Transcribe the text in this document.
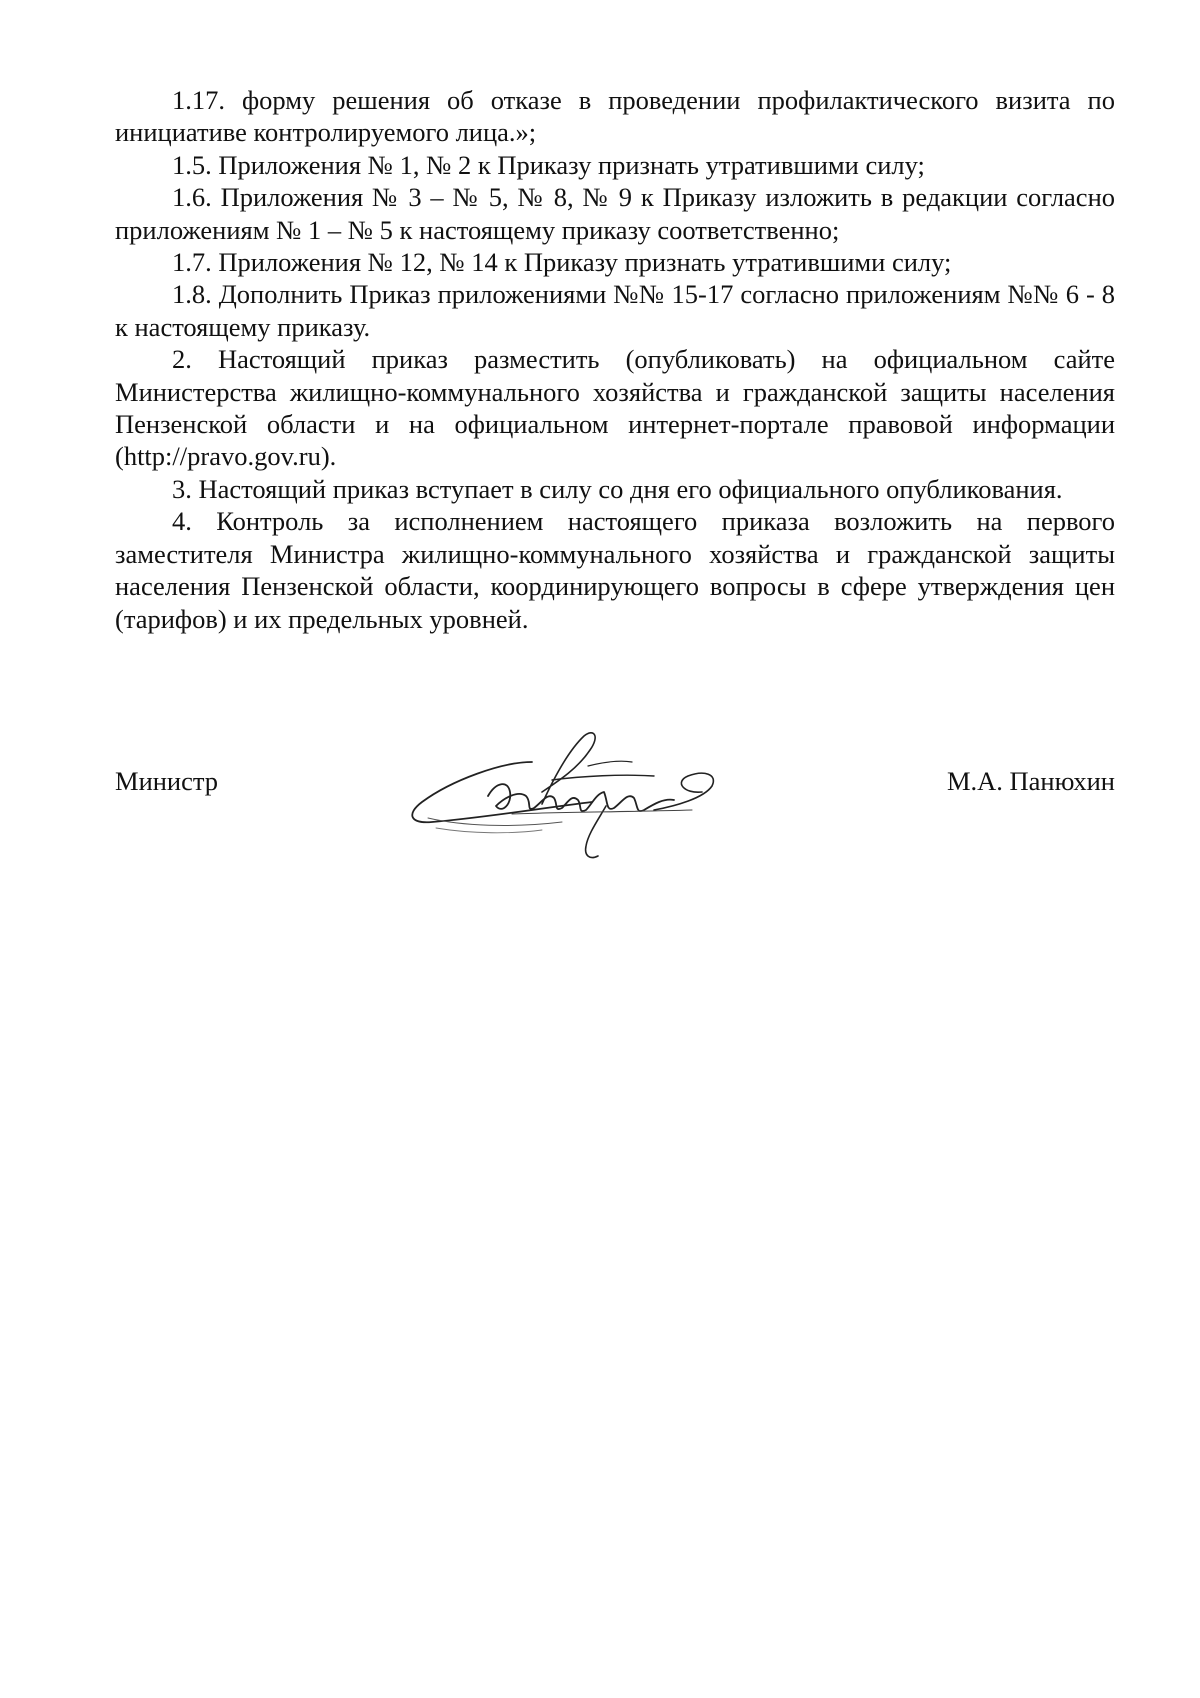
1.17. форму решения об отказе в проведении профилактического визита по инициативе контролируемого лица.»;

1.5. Приложения № 1, № 2 к Приказу признать утратившими силу;

1.6. Приложения № 3 – № 5, № 8, № 9 к Приказу изложить в редакции согласно приложениям № 1 – № 5 к настоящему приказу соответственно;

1.7. Приложения № 12, № 14 к Приказу признать утратившими силу;

1.8. Дополнить Приказ приложениями №№ 15-17 согласно приложениям №№ 6 - 8 к настоящему приказу.

2. Настоящий приказ разместить (опубликовать) на официальном сайте Министерства жилищно-коммунального хозяйства и гражданской защиты населения Пензенской области и на официальном интернет-портале правовой информации (http://pravo.gov.ru).

3. Настоящий приказ вступает в силу со дня его официального опубликования.

4. Контроль за исполнением настоящего приказа возложить на первого заместителя Министра жилищно-коммунального хозяйства и гражданской защиты населения Пензенской области, координирующего вопросы в сфере утверждения цен (тарифов) и их предельных уровней.

Министр	М.А. Панюхин
